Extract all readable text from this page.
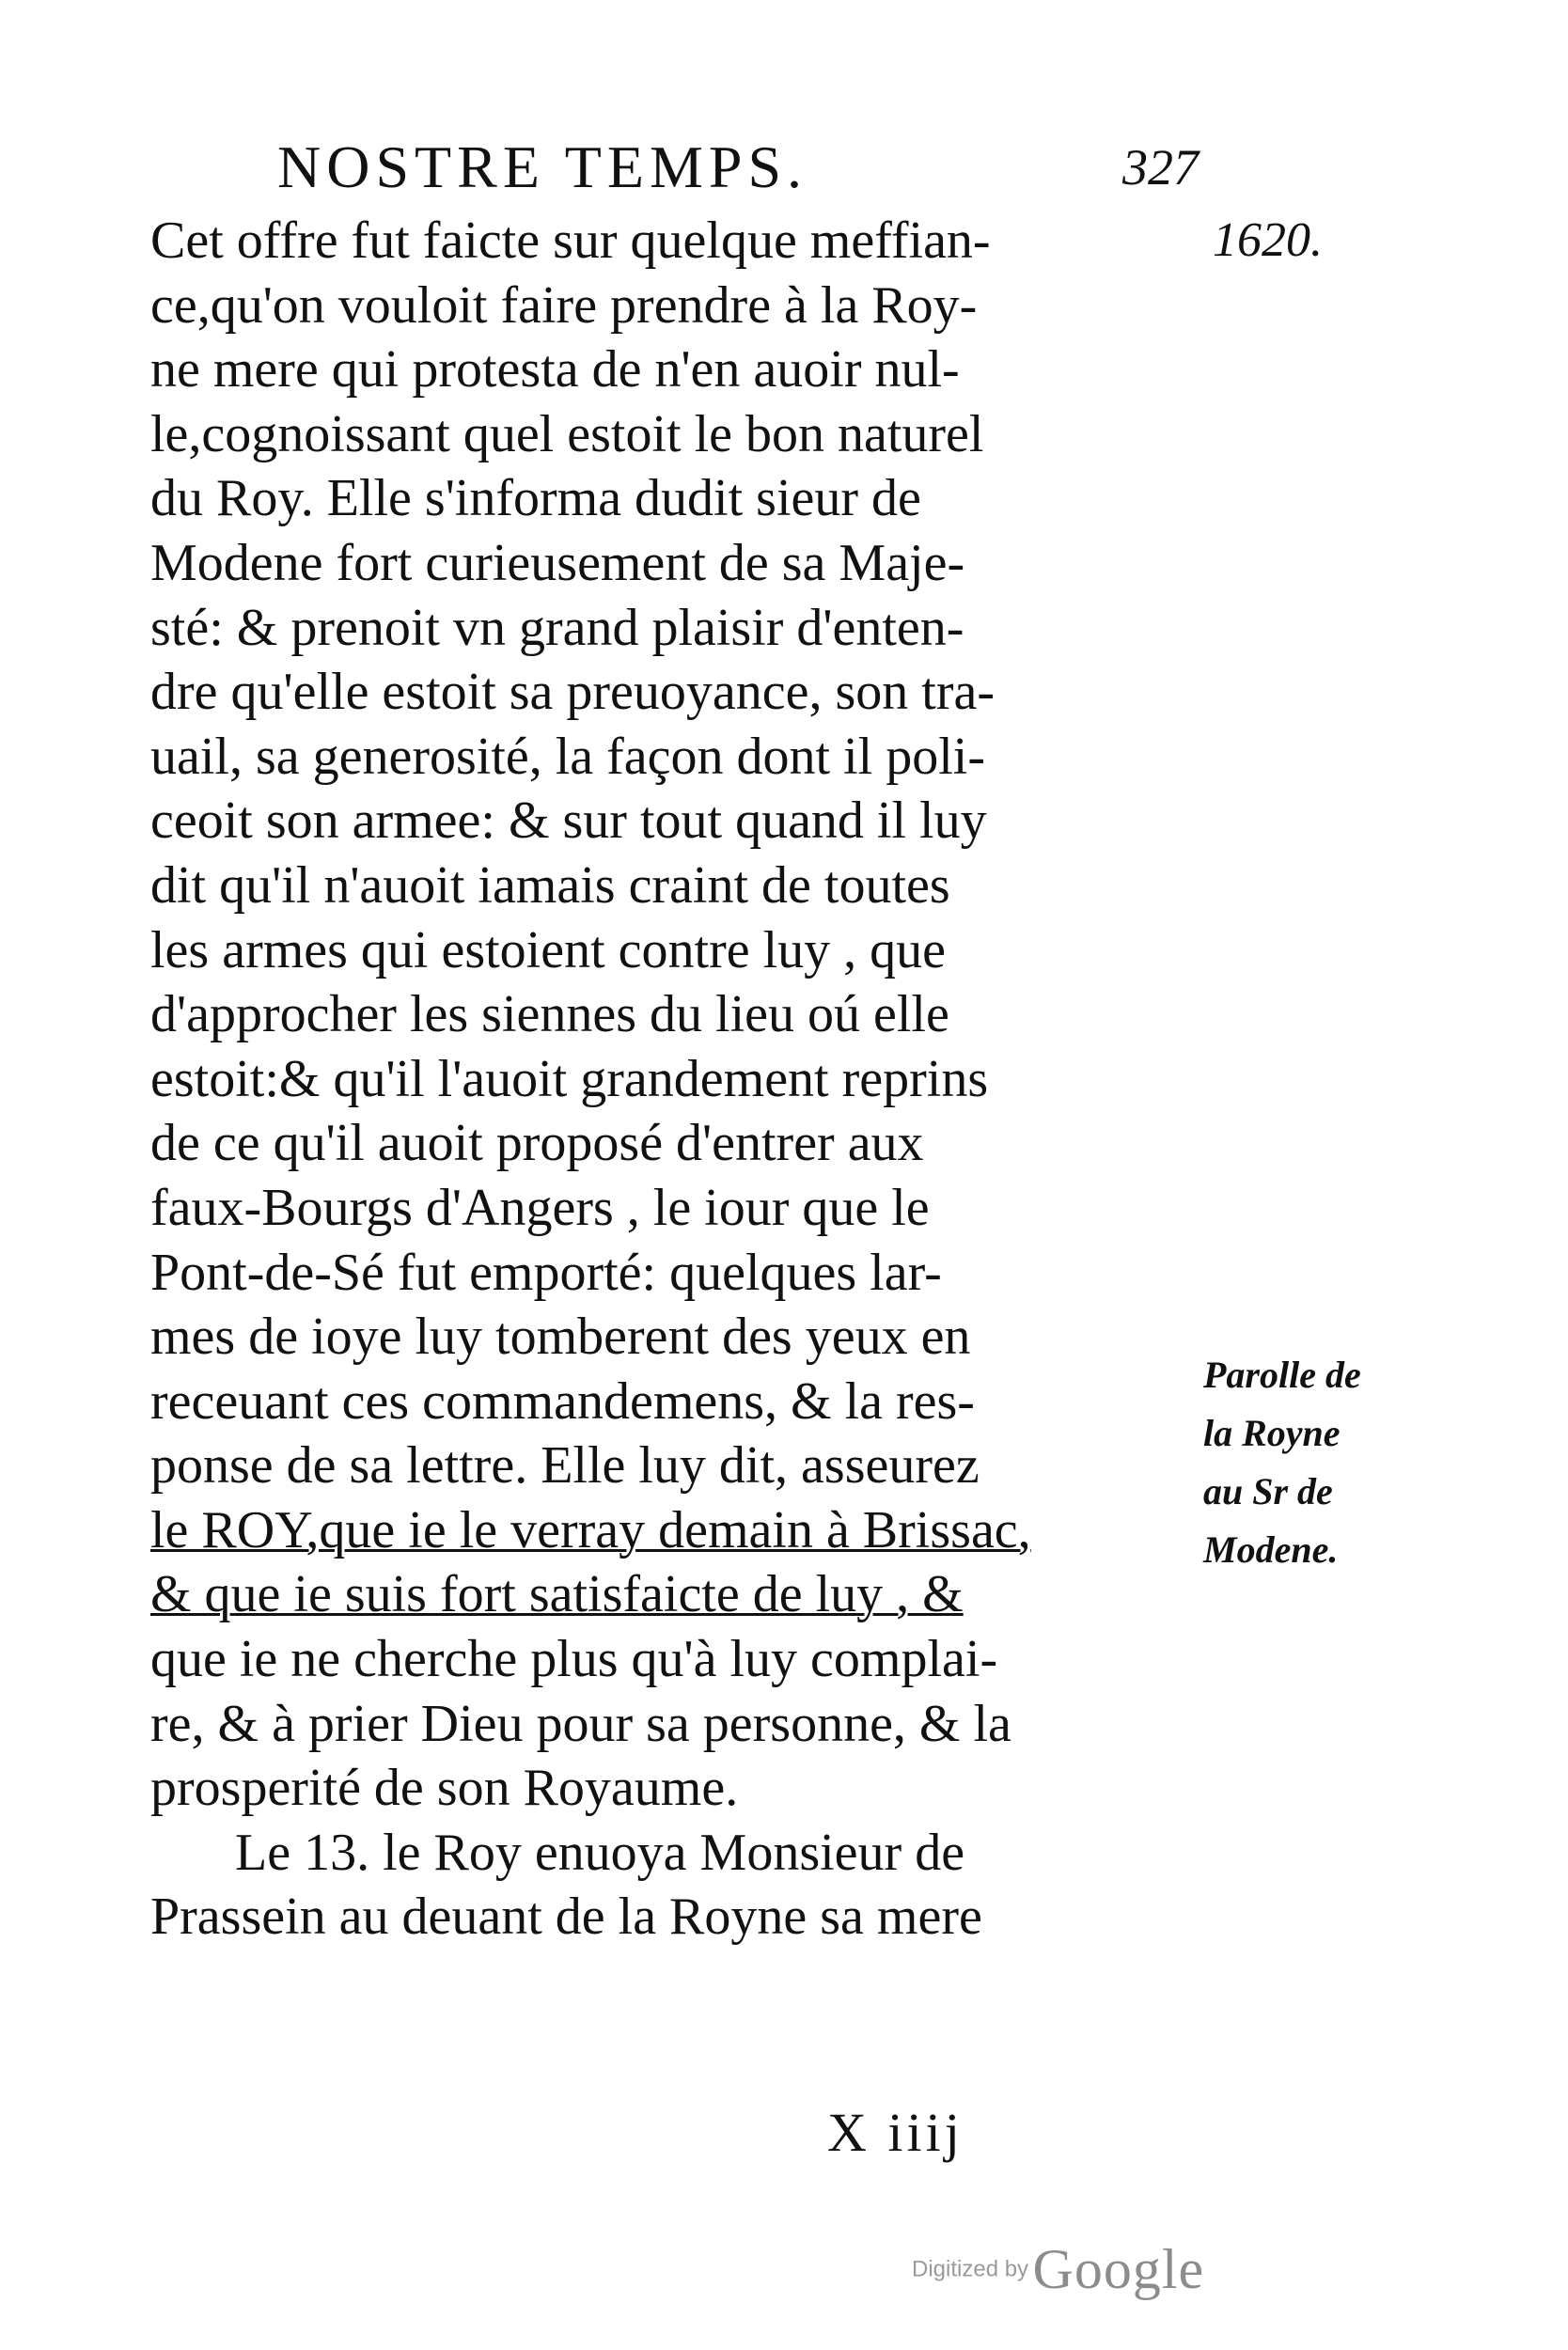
NOSTRE TEMPS.	327
1620.
Cet offre fut faicte sur quelque meffian-
ce,qu'on vouloit faire prendre à la Roy-
ne mere qui protesta de n'en auoir nul-
le,cognoissant quel estoit le bon naturel
du Roy. Elle s'informa dudit sieur de
Modene fort curieusement de sa Maje-
sté: & prenoit vn grand plaisir d'enten-
dre qu'elle estoit sa preuoyance, son tra-
uail, sa generosité, la façon dont il poli-
ceoit son armee: & sur tout quand il luy
dit qu'il n'auoit iamais craint de toutes
les armes qui estoient contre luy , que
d'approcher les siennes du lieu oú elle
estoit:& qu'il l'auoit grandement reprins
de ce qu'il auoit proposé d'entrer aux
faux-Bourgs d'Angers , le iour que le
Pont-de-Sé fut emporté: quelques lar-
mes de ioye luy tomberent des yeux en
receuant ces commandemens, & la res-
ponse de sa lettre. Elle luy dit, asseurez
le ROY,que ie le verray demain à Brissac,
& que ie suis fort satisfaicte de luy , &
que ie ne cherche plus qu'à luy complai-
re, & à prier Dieu pour sa personne, & la
prosperité de son Royaume.
Le 13. le Roy enuoya Monsieur de
Prassein au deuant de la Royne sa mere
Parolle de
la Royne
au Sr de
Modene.
X iiij
Digitized by Google
